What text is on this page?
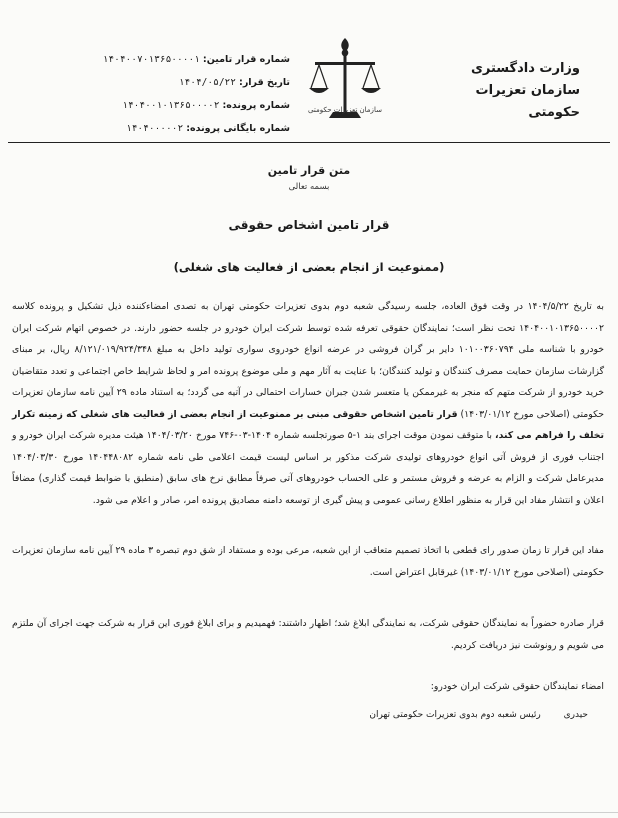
وزارت دادگستری
سازمان تعزیرات حکومتی
سازمان تعزیرات حکومتی
شماره قرار تامین: ۱۴۰۴۰۰۷۰۱۳۶۵۰۰۰۰۱
تاریخ قرار: ۱۴۰۴/۰۵/۲۲
شماره پرونده: ۱۴۰۴۰۰۱۰۱۳۶۵۰۰۰۰۲
شماره بایگانی پرونده: ۱۴۰۴۰۰۰۰۰۲
متن قرار تامین
بسمه تعالی
قرار تامین اشخاص حقوقی
(ممنوعیت از انجام بعضی از فعالیت های شغلی)

به تاریخ ۱۴۰۴/۵/۲۲ در وقت فوق العاده، جلسه رسیدگی شعبه دوم بدوی تعزیرات حکومتی تهران به تصدی امضاءکننده ذیل تشکیل و پرونده کلاسه ۱۴۰۴۰۰۱۰۱۳۶۵۰۰۰۰۲ تحت نظر است؛ نمایندگان حقوقی تعرفه شده توسط شرکت ایران خودرو در جلسه حضور دارند. در خصوص اتهام شرکت ایران خودرو با شناسه ملی ۱۰۱۰۰۳۶۰۷۹۴ دایر بر گران فروشی در عرضه انواع خودروی سواری تولید داخل به مبلغ ۸/۱۲۱/۰۱۹/۹۲۴/۳۴۸ ریال، بر مبنای گزارشات سازمان حمایت مصرف کنندگان و تولید کنندگان؛ با عنایت به آثار مهم و ملی موضوع پرونده امر و لحاظ شرایط خاص اجتماعی و تعدد متقاضیان خرید خودرو از شرکت متهم که منجر به غیرممکن یا متعسر شدن جبران خسارات احتمالی در آتیه می گردد؛ به استناد ماده ۲۹ آیین نامه سازمان تعزیرات حکومتی (اصلاحی مورخ ۱۴۰۳/۰۱/۱۲) قرار تامین اشخاص حقوقی مبنی بر ممنوعیت از انجام بعضی از فعالیت های شغلی که زمینه تکرار تخلف را فراهم می کند، با متوقف نمودن موقت اجرای بند ۱-۵ صورتجلسه شماره ۱۴۰۴-۰۳-۷۴۶ مورخ ۱۴۰۴/۰۳/۲۰ هیئت مدیره شرکت ایران خودرو و اجتناب فوری از فروش آتی انواع خودروهای تولیدی شرکت مذکور بر اساس لیست قیمت اعلامی طی نامه شماره ۱۴۰۴۴۸۰۸۲ مورخ ۱۴۰۴/۰۳/۳۰ مدیرعامل شرکت و الزام به عرضه و فروش مستمر و علی الحساب خودروهای آتی صرفاً مطابق نرخ های سابق (منطبق با ضوابط قیمت گذاری) مضافاً اعلان و انتشار مفاد این قرار به منظور اطلاع رسانی عمومی و پیش گیری از توسعه دامنه مصادیق پرونده امر، صادر و اعلام می شود.

مفاد این قرار تا زمان صدور رای قطعی با اتخاذ تصمیم متعاقب از این شعبه، مرعی بوده و مستفاد از شق دوم تبصره ۳ ماده ۲۹ آیین نامه سازمان تعزیرات حکومتی (اصلاحی مورخ ۱۴۰۳/۰۱/۱۲) غیرقابل اعتراض است.
قرار صادره حضوراً به نمایندگان حقوقی شرکت، به نمایندگی ابلاغ شد؛ اظهار داشتند: فهمیدیم و برای ابلاغ فوری این قرار به شرکت جهت اجرای آن ملتزم می شویم و رونوشت نیز دریافت کردیم.
امضاء نمایندگان حقوقی شرکت ایران خودرو:
حیدری رئیس شعبه دوم بدوی تعزیرات حکومتی تهران
